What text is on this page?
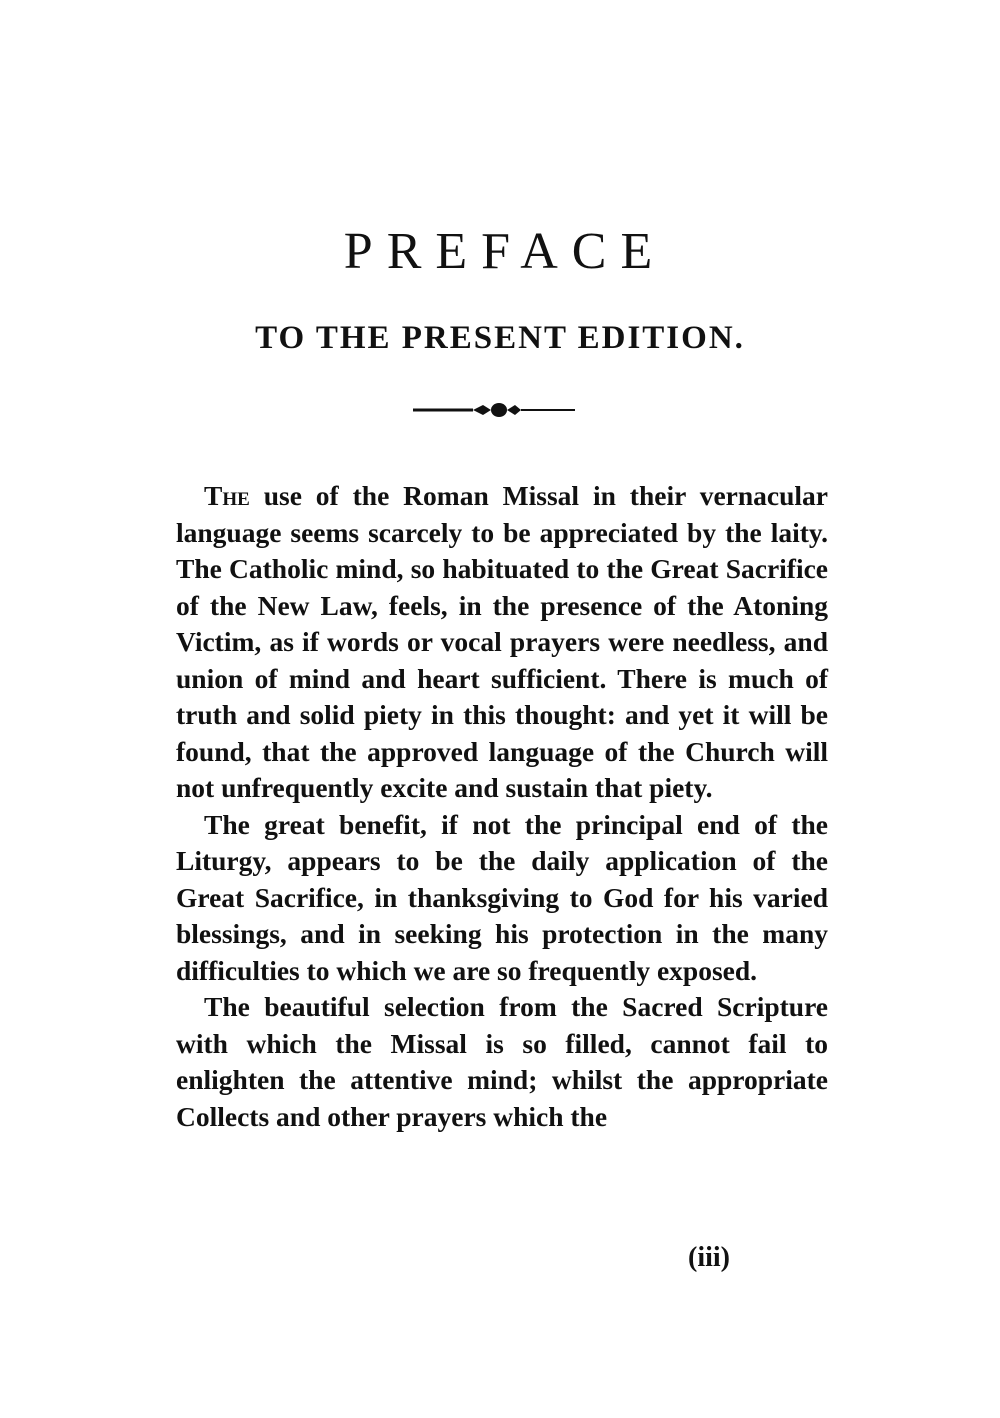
PREFACE
TO THE PRESENT EDITION.

The use of the Roman Missal in their vernacular language seems scarcely to be appreciated by the laity. The Catholic mind, so habituated to the Great Sacrifice of the New Law, feels, in the presence of the Atoning Victim, as if words or vocal prayers were needless, and union of mind and heart sufficient. There is much of truth and solid piety in this thought: and yet it will be found, that the approved language of the Church will not unfrequently excite and sustain that piety.

The great benefit, if not the principal end of the Liturgy, appears to be the daily application of the Great Sacrifice, in thanksgiving to God for his varied blessings, and in seeking his protection in the many difficulties to which we are so frequently exposed.

The beautiful selection from the Sacred Scripture with which the Missal is so filled, cannot fail to enlighten the attentive mind; whilst the appropriate Collects and other prayers which the

(iii)
